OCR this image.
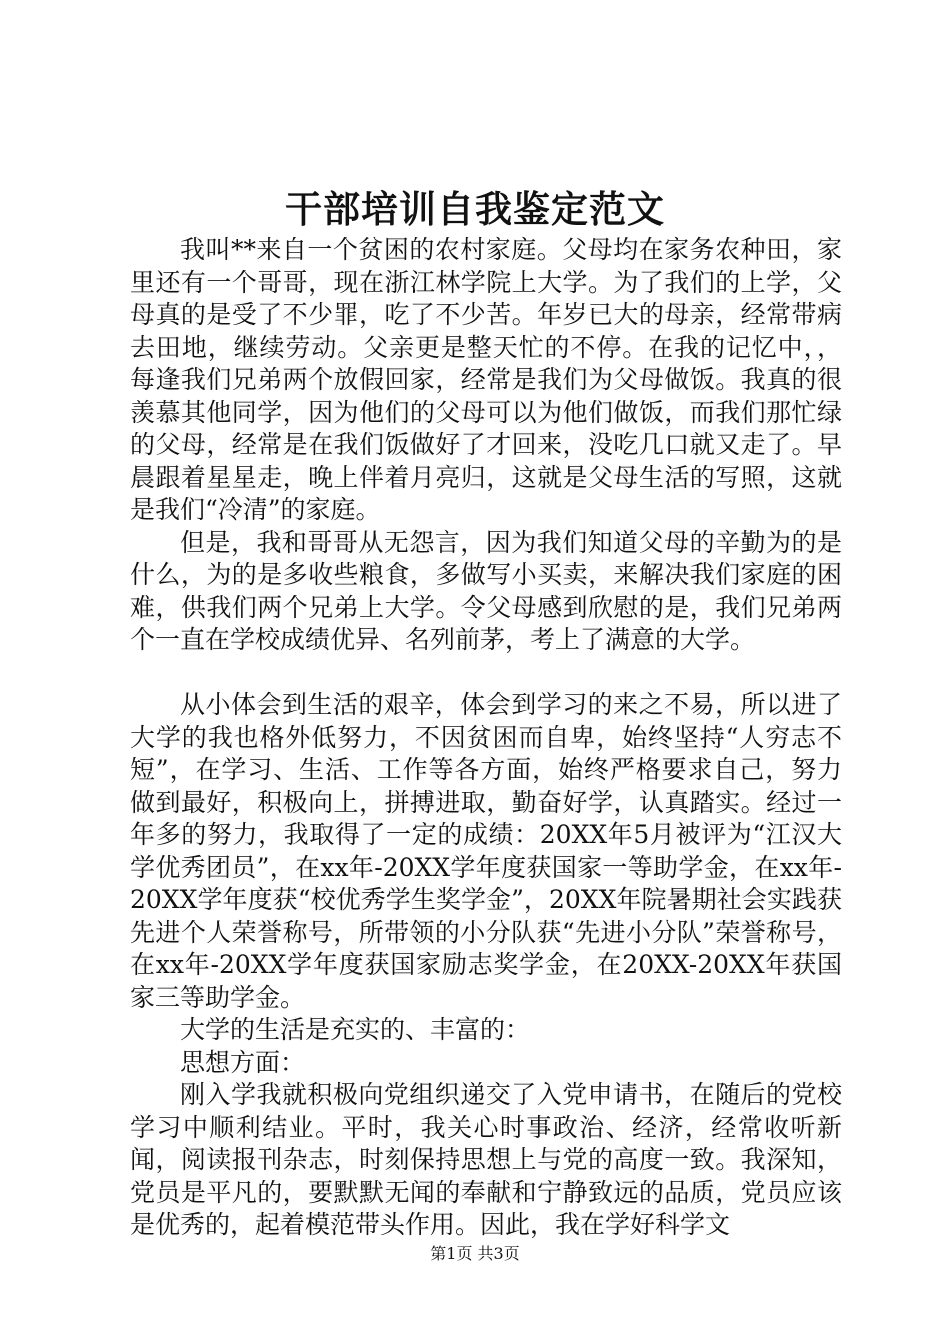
干部培训自我鉴定范文

我叫**来自一个贫困的农村家庭。父母均在家务农种田，家里还有一个哥哥，现在浙江林学院上大学。为了我们的上学，父母真的是受了不少罪，吃了不少苦。年岁已大的母亲，经常带病去田地，继续劳动。父亲更是整天忙的不停。在我的记忆中，，每逢我们兄弟两个放假回家，经常是我们为父母做饭。我真的很羡慕其他同学，因为他们的父母可以为他们做饭，而我们那忙绿的父母，经常是在我们饭做好了才回来，没吃几口就又走了。早晨跟着星星走，晚上伴着月亮归，这就是父母生活的写照，这就是我们“冷清”的家庭。

但是，我和哥哥从无怨言，因为我们知道父母的辛勤为的是什么，为的是多收些粮食，多做写小买卖，来解决我们家庭的困难，供我们两个兄弟上大学。令父母感到欣慰的是，我们兄弟两个一直在学校成绩优异、名列前茅，考上了满意的大学。

从小体会到生活的艰辛，体会到学习的来之不易，所以进了大学的我也格外低努力，不因贫困而自卑，始终坚持“人穷志不短”，在学习、生活、工作等各方面，始终严格要求自己，努力做到最好，积极向上，拼搏进取，勤奋好学，认真踏实。经过一年多的努力，我取得了一定的成绩：20XX年5月被评为“江汉大学优秀团员”，在xx年-20XX学年度获国家一等助学金，在xx年-20XX学年度获“校优秀学生奖学金”，20XX年院暑期社会实践获先进个人荣誉称号，所带领的小分队获“先进小分队”荣誉称号，在xx年-20XX学年度获国家励志奖学金，在20XX-20XX年获国家三等助学金。

大学的生活是充实的、丰富的：

思想方面：

刚入学我就积极向党组织递交了入党申请书，在随后的党校学习中顺利结业。平时，我关心时事政治、经济，经常收听新闻，阅读报刊杂志，时刻保持思想上与党的高度一致。我深知，党员是平凡的，要默默无闻的奉献和宁静致远的品质，党员应该是优秀的，起着模范带头作用。因此，我在学好科学文

第1页 共3页
